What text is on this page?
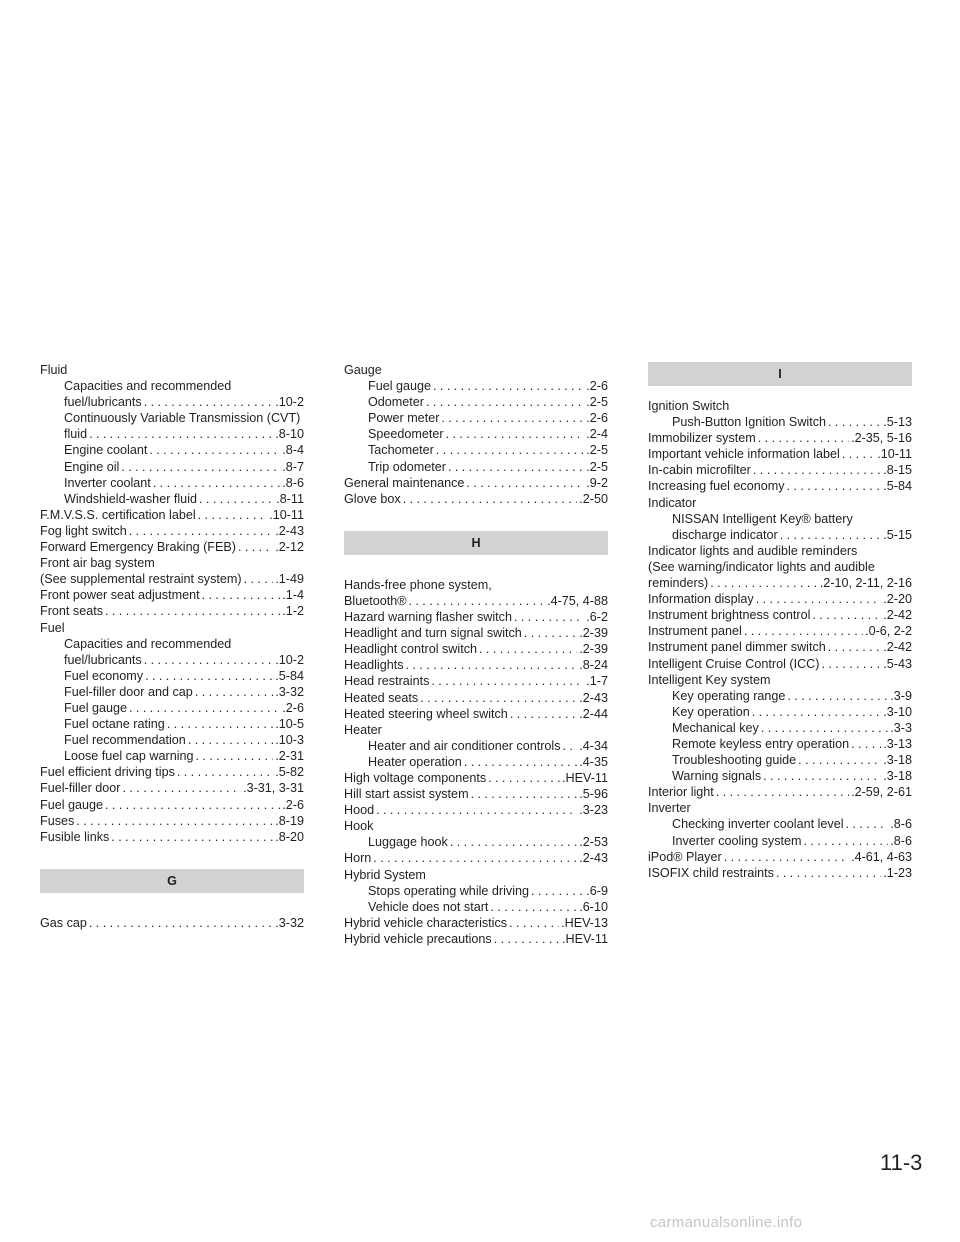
Fluid
Capacities and recommended
fuel/lubricants .....	.10-2
Continuously Variable Transmission (CVT)
fluid .....	.8-10
Engine coolant .....	.8-4
Engine oil .....	.8-7
Inverter coolant .....	.8-6
Windshield-washer fluid .....	.8-11
F.M.V.S.S. certification label .....	.10-11
Fog light switch .....	.2-43
Forward Emergency Braking (FEB) .....	.2-12
Front air bag system
(See supplemental restraint system) .....	.1-49
Front power seat adjustment .....	.1-4
Front seats .....	.1-2
Fuel
Capacities and recommended
fuel/lubricants .....	.10-2
Fuel economy .....	.5-84
Fuel-filler door and cap .....	.3-32
Fuel gauge .....	.2-6
Fuel octane rating .....	.10-5
Fuel recommendation .....	.10-3
Loose fuel cap warning .....	.2-31
Fuel efficient driving tips .....	.5-82
Fuel-filler door .....	.3-31, 3-31
Fuel gauge .....	.2-6
Fuses .....	.8-19
Fusible links .....	.8-20
G
Gas cap .....	.3-32
Gauge
Fuel gauge .....	.2-6
Odometer .....	.2-5
Power meter .....	.2-6
Speedometer .....	.2-4
Tachometer .....	.2-5
Trip odometer .....	.2-5
General maintenance .....	.9-2
Glove box .....	.2-50
H
Hands-free phone system,
Bluetooth® .....	.4-75, 4-88
Hazard warning flasher switch .....	.6-2
Headlight and turn signal switch .....	.2-39
Headlight control switch .....	.2-39
Headlights .....	.8-24
Head restraints .....	.1-7
Heated seats .....	.2-43
Heated steering wheel switch .....	.2-44
Heater
Heater and air conditioner controls ..... .4-34
Heater operation .....	.4-35
High voltage components .....	.HEV-11
Hill start assist system .....	.5-96
Hood .....	.3-23
Hook
Luggage hook .....	.2-53
Horn .....	.2-43
Hybrid System
Stops operating while driving .....	.6-9
Vehicle does not start .....	.6-10
Hybrid vehicle characteristics .....	.HEV-13
Hybrid vehicle precautions .....	.HEV-11
I
Ignition Switch
Push-Button Ignition Switch .....	.5-13
Immobilizer system .....	.2-35, 5-16
Important vehicle information label .....	.10-11
In-cabin microfilter .....	.8-15
Increasing fuel economy .....	.5-84
Indicator
NISSAN Intelligent Key® battery
discharge indicator .....	.5-15
Indicator lights and audible reminders
(See warning/indicator lights and audible
reminders) .....	.2-10, 2-11, 2-16
Information display .....	.2-20
Instrument brightness control .....	.2-42
Instrument panel .....	.0-6, 2-2
Instrument panel dimmer switch .....	.2-42
Intelligent Cruise Control (ICC) .....	.5-43
Intelligent Key system
Key operating range .....	.3-9
Key operation .....	.3-10
Mechanical key .....	.3-3
Remote keyless entry operation .....	.3-13
Troubleshooting guide .....	.3-18
Warning signals .....	.3-18
Interior light .....	.2-59, 2-61
Inverter
Checking inverter coolant level .....	.8-6
Inverter cooling system .....	.8-6
iPod® Player .....	.4-61, 4-63
ISOFIX child restraints .....	.1-23
11-3
carmanualsonline.info
